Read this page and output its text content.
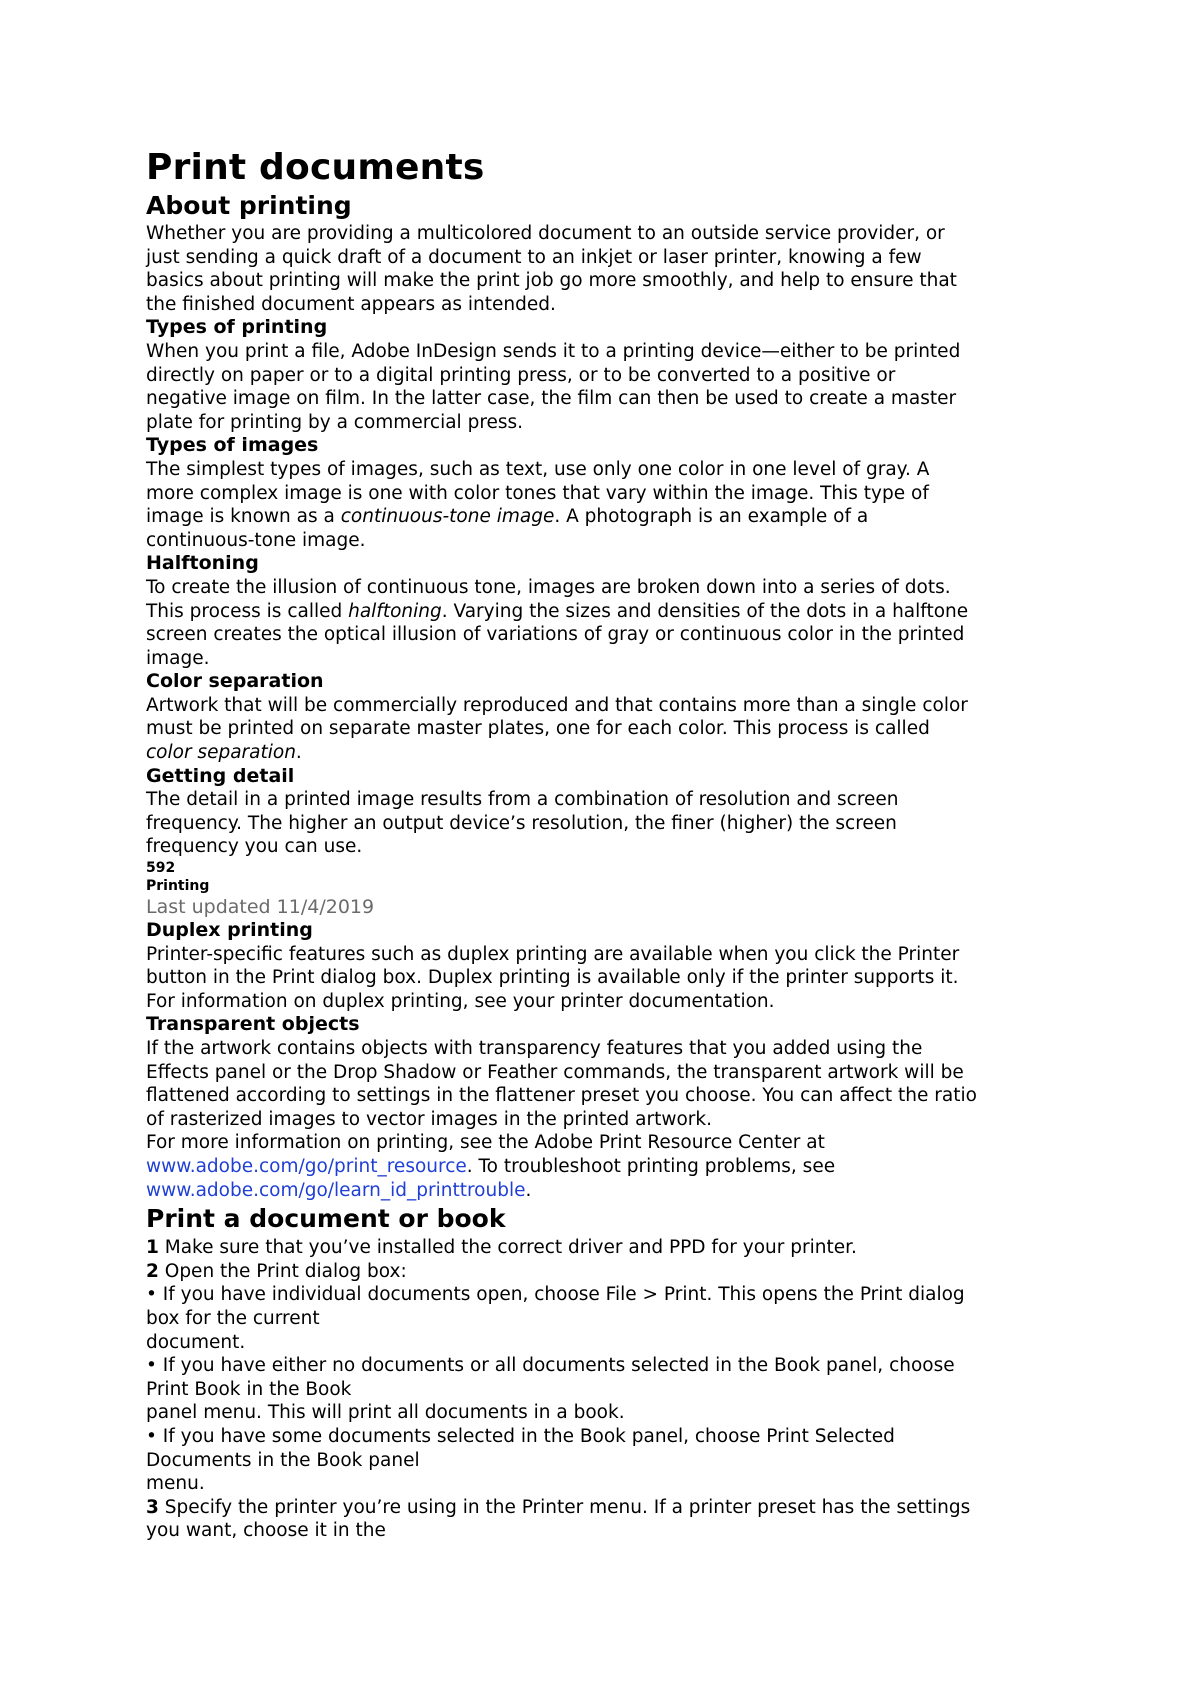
Print documents
About printing

Whether you are providing a multicolored document to an outside service provider, or
just sending a quick draft of a document to an inkjet or laser printer, knowing a few
basics about printing will make the print job go more smoothly, and help to ensure that
the finished document appears as intended.

Types of printing

When you print a file, Adobe InDesign sends it to a printing device—either to be printed
directly on paper or to a digital printing press, or to be converted to a positive or
negative image on film. In the latter case, the film can then be used to create a master
plate for printing by a commercial press.

Types of images

The simplest types of images, such as text, use only one color in one level of gray. A
more complex image is one with color tones that vary within the image. This type of
image is known as a continuous-tone image. A photograph is an example of a
continuous-tone image.

Halftoning

To create the illusion of continuous tone, images are broken down into a series of dots.
This process is called halftoning. Varying the sizes and densities of the dots in a halftone
screen creates the optical illusion of variations of gray or continuous color in the printed
image.

Color separation

Artwork that will be commercially reproduced and that contains more than a single color
must be printed on separate master plates, one for each color. This process is called
color separation.

Getting detail

The detail in a printed image results from a combination of resolution and screen
frequency. The higher an output device’s resolution, the finer (higher) the screen
frequency you can use.

592

Printing

Last updated 11/4/2019

Duplex printing

Printer-specific features such as duplex printing are available when you click the Printer
button in the Print dialog box. Duplex printing is available only if the printer supports it.
For information on duplex printing, see your printer documentation.

Transparent objects

If the artwork contains objects with transparency features that you added using the
Effects panel or the Drop Shadow or Feather commands, the transparent artwork will be
flattened according to settings in the flattener preset you choose. You can affect the ratio
of rasterized images to vector images in the printed artwork.

For more information on printing, see the Adobe Print Resource Center at
www.adobe.com/go/print_resource. To troubleshoot printing problems, see
www.adobe.com/go/learn_id_printtrouble.

Print a document or book

1 Make sure that you’ve installed the correct driver and PPD for your printer.

2 Open the Print dialog box:

• If you have individual documents open, choose File > Print. This opens the Print dialog
box for the current
document.

• If you have either no documents or all documents selected in the Book panel, choose
Print Book in the Book
panel menu. This will print all documents in a book.

• If you have some documents selected in the Book panel, choose Print Selected
Documents in the Book panel
menu.

3 Specify the printer you’re using in the Printer menu. If a printer preset has the settings
you want, choose it in the
